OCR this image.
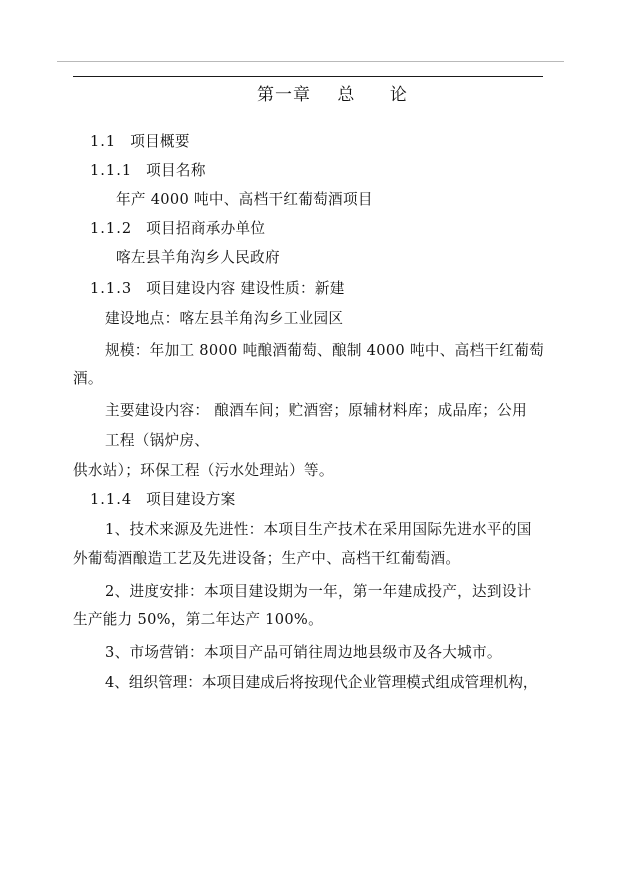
第一章 总 论
1.1 项目概要
1.1.1 项目名称
年产 4000 吨中、高档干红葡萄酒项目
1.1.2 项目招商承办单位
喀左县羊角沟乡人民政府
1.1.3 项目建设内容 建设性质：新建
建设地点：喀左县羊角沟乡工业园区
规模：年加工 8000 吨酿酒葡萄、酿制 4000 吨中、高档干红葡萄
酒。
主要建设内容： 酿酒车间；贮酒窖；原辅材料库；成品库；公用
工程（锅炉房、
供水站）；环保工程（污水处理站）等。
1.1.4 项目建设方案
1、技术来源及先进性：本项目生产技术在采用国际先进水平的国
外葡萄酒酿造工艺及先进设备；生产中、高档干红葡萄酒。
2、进度安排：本项目建设期为一年，第一年建成投产，达到设计
生产能力 50%，第二年达产 100%。
3、市场营销：本项目产品可销往周边地县级市及各大城市。
4、组织管理：本项目建成后将按现代企业管理模式组成管理机构，
